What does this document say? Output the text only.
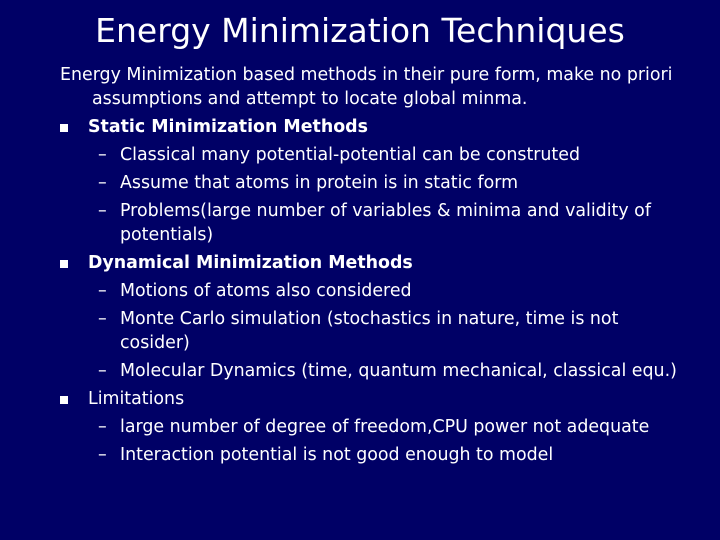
Energy Minimization Techniques

Energy Minimization based methods in their pure form, make no priori assumptions and attempt to locate global minma.

Static Minimization Methods
– Classical many potential-potential can be construted
– Assume that atoms in protein is in static form
– Problems(large number of variables & minima and validity of potentials)
Dynamical Minimization Methods
– Motions of atoms also considered
– Monte Carlo simulation (stochastics in nature, time is not cosider)
– Molecular Dynamics (time, quantum mechanical, classical equ.)
Limitations
– large number of degree of freedom,CPU power not adequate
– Interaction potential is not good enough to model
